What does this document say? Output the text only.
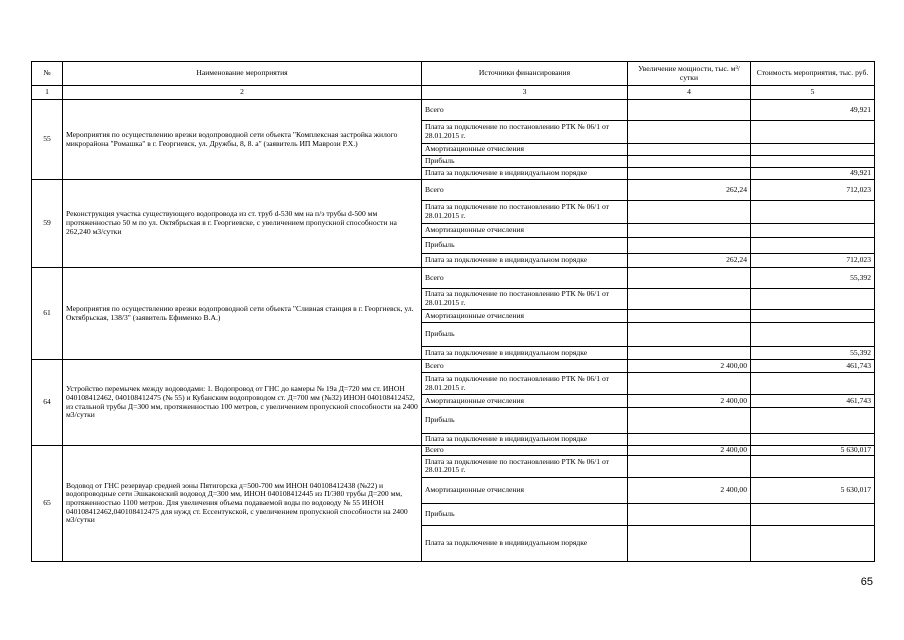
№	Наименование мероприятия	Источники финансирования	Увеличение мощности, тыс. м³/сутки	Стоимость мероприятия, тыс. руб.
1	2	3	4	5
55	Мероприятия по осуществлению врезки водопроводной сети объекта "Комплексная застройка жилого микрорайона "Ромашка" в г. Георгиевск, ул. Дружбы, 8, 8. а" (заявитель ИП Маврози Р.Х.)	Всего		49,921
		Плата за подключение по постановлению РТК № 06/1 от 28.01.2015 г.		
		Амортизационные отчисления		
		Прибыль		
		Плата за подключение в индивидуальном порядке		49,921
59	Реконструкция участка существующего водопровода из ст. труб d-530 мм на п/э трубы d-500 мм протяженностью 50 м по ул. Октябрьская в г. Георгиевске, с увеличением пропускной способности на 262,240 м3/сутки	Всего	262,24	712,023
		Плата за подключение по постановлению РТК № 06/1 от 28.01.2015 г.		
		Амортизационные отчисления		
		Прибыль		
		Плата за подключение в индивидуальном порядке	262,24	712,023
61	Мероприятия по осуществлению врезки водопроводной сети объекта "Сливная станция в г. Георгиевск, ул. Октябрьская, 138/3" (заявитель Ефименко В.А.)	Всего		55,392
		Плата за подключение по постановлению РТК № 06/1 от 28.01.2015 г.		
		Амортизационные отчисления		
		Прибыль		
		Плата за подключение в индивидуальном порядке		55,392
64	Устройство перемычек между водоводами: 1. Водопровод от ГНС до камеры № 19а Д=720 мм ст. ИНОН 040108412462, 040108412475 (№ 55) и Кубанским водопроводом ст. Д=700 мм (№32) ИНОН 040108412452, из стальной трубы Д=300 мм, протяженностью 100 метров, с увеличением пропускной способности на 2400 м3/сутки	Всего	2 400,00	461,743
		Плата за подключение по постановлению РТК № 06/1 от 28.01.2015 г.		
		Амортизационные отчисления	2 400,00	461,743
		Прибыль		
		Плата за подключение в индивидуальном порядке		
65	Водовод от ГНС резервуар средней зоны Пятигорска д=500-700 мм ИНОН 040108412438 (№22) и водопроводные сети Эшкаконский водовод Д=300 мм, ИНОН 040108412445 из П/Э80 трубы Д=200 мм, протяженностью 1100 метров. Для увеличения объема подаваемой воды по водоводу № 55 ИНОН 040108412462,040108412475 для нужд ст. Ессентукской, с увеличением пропускной способности на 2400 м3/сутки	Всего	2 400,00	5 630,017
		Плата за подключение по постановлению РТК № 06/1 от 28.01.2015 г.		
		Амортизационные отчисления	2 400,00	5 630,017
		Прибыль		
		Плата за подключение в индивидуальном порядке		
65
